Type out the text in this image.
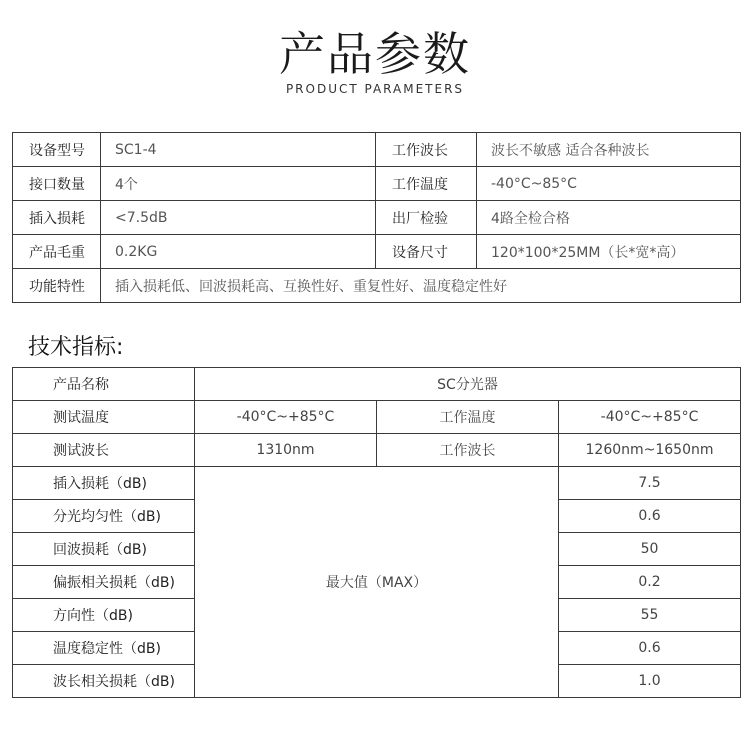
产品参数
PRODUCT PARAMETERS
设备型号	SC1-4	工作波长	波长不敏感 适合各种波长
接口数量	4个	工作温度	-40°C~85°C
插入损耗	<7.5dB	出厂检验	4路全检合格
产品毛重	0.2KG	设备尺寸	120*100*25MM（长*宽*高）
功能特性	插入损耗低、回波损耗高、互换性好、重复性好、温度稳定性好		
技术指标:
产品名称	SC分光器		
测试温度	-40°C~+85°C	工作温度	-40°C~+85°C
测试波长	1310nm	工作波长	1260nm~1650nm
插入损耗（dB)	最大值（MAX）		7.5
分光均匀性（dB)			0.6
回波损耗（dB)			50
偏振相关损耗（dB)			0.2
方向性（dB)			55
温度稳定性（dB)			0.6
波长相关损耗（dB)			1.0
